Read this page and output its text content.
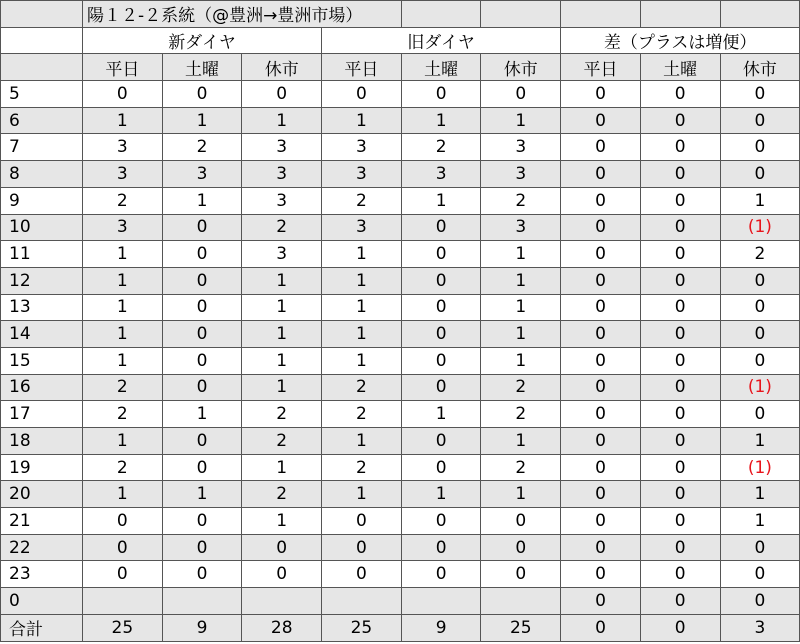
	陽１２-２系統（@豊洲→豊洲市場）								
	新ダイヤ			旧ダイヤ			差（プラスは増便）		
	平日	土曜	休市	平日	土曜	休市	平日	土曜	休市
5	0	0	0	0	0	0	0	0	0
6	1	1	1	1	1	1	0	0	0
7	3	2	3	3	2	3	0	0	0
8	3	3	3	3	3	3	0	0	0
9	2	1	3	2	1	2	0	0	1
10	3	0	2	3	0	3	0	0	(1)
11	1	0	3	1	0	1	0	0	2
12	1	0	1	1	0	1	0	0	0
13	1	0	1	1	0	1	0	0	0
14	1	0	1	1	0	1	0	0	0
15	1	0	1	1	0	1	0	0	0
16	2	0	1	2	0	2	0	0	(1)
17	2	1	2	2	1	2	0	0	0
18	1	0	2	1	0	1	0	0	1
19	2	0	1	2	0	2	0	0	(1)
20	1	1	2	1	1	1	0	0	1
21	0	0	1	0	0	0	0	0	1
22	0	0	0	0	0	0	0	0	0
23	0	0	0	0	0	0	0	0	0
0							0	0	0
合計	25	9	28	25	9	25	0	0	3
